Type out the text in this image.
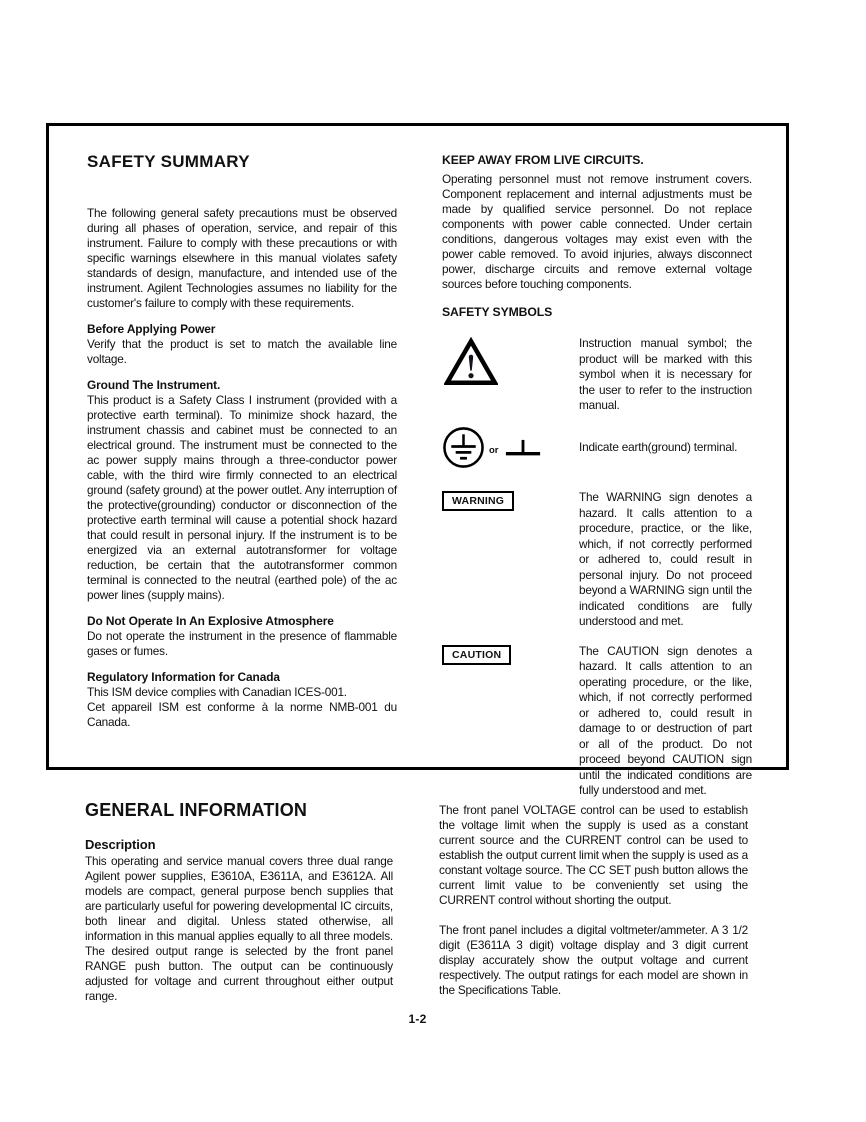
SAFETY SUMMARY

The following general safety precautions must be observed during all phases of operation, service, and repair of this instrument. Failure to comply with these precautions or with specific warnings elsewhere in this manual violates safety standards of design, manufacture, and intended use of the instrument. Agilent Technologies assumes no liability for the customer's failure to comply with these requirements.

Before Applying Power

Verify that the product is set to match the available line voltage.

Ground The Instrument.

This product is a Safety Class I instrument (provided with a protective earth terminal). To minimize shock hazard, the instrument chassis and cabinet must be connected to an electrical ground. The instrument must be connected to the ac power supply mains through a three-conductor power cable, with the third wire firmly connected to an electrical ground (safety ground) at the power outlet. Any interruption of the protective(grounding) conductor or disconnection of the protective earth terminal will cause a potential shock hazard that could result in personal injury. If the instrument is to be energized via an external autotransformer for voltage reduction, be certain that the autotransformer common terminal is connected to the neutral (earthed pole) of the ac power lines (supply mains).

Do Not Operate In An Explosive Atmosphere

Do not operate the instrument in the presence of flammable gases or fumes.

Regulatory Information for Canada

This ISM device complies with Canadian ICES-001.

Cet appareil ISM est conforme à la norme NMB-001 du Canada.

KEEP AWAY FROM LIVE CIRCUITS.

Operating personnel must not remove instrument covers. Component replacement and internal adjustments must be made by qualified service personnel. Do not replace components with power cable connected. Under certain conditions, dangerous voltages may exist even with the power cable removed. To avoid injuries, always disconnect power, discharge circuits and remove external voltage sources before touching components.

SAFETY SYMBOLS
Instruction manual symbol; the product will be marked with this symbol when it is necessary for the user to refer to the instruction manual.
or	Indicate earth(ground) terminal.
WARNING	The WARNING sign denotes a hazard. It calls attention to a procedure, practice, or the like, which, if not correctly performed or adhered to, could result in personal injury. Do not proceed beyond a WARNING sign until the indicated conditions are fully understood and met.
CAUTION	The CAUTION sign denotes a hazard. It calls attention to an operating procedure, or the like, which, if not correctly performed or adhered to, could result in damage to or destruction of part or all of the product. Do not proceed beyond CAUTION sign until the indicated conditions are fully understood and met.
GENERAL INFORMATION
Description

This operating and service manual covers three dual range Agilent power supplies, E3610A, E3611A, and E3612A. All models are compact, general purpose bench supplies that are particularly useful for powering developmental IC circuits, both linear and digital. Unless stated otherwise, all information in this manual applies equally to all three models. The desired output range is selected by the front panel RANGE push button. The output can be continuously adjusted for voltage and current throughout either output range.

The front panel VOLTAGE control can be used to establish the voltage limit when the supply is used as a constant current source and the CURRENT control can be used to establish the output current limit when the supply is used as a constant voltage source. The CC SET push button allows the current limit value to be conveniently set using the CURRENT control without shorting the output.

The front panel includes a digital voltmeter/ammeter. A 3 1/2 digit (E3611A 3 digit) voltage display and 3 digit current display accurately show the output voltage and current respectively. The output ratings for each model are shown in the Specifications Table.

1-2
